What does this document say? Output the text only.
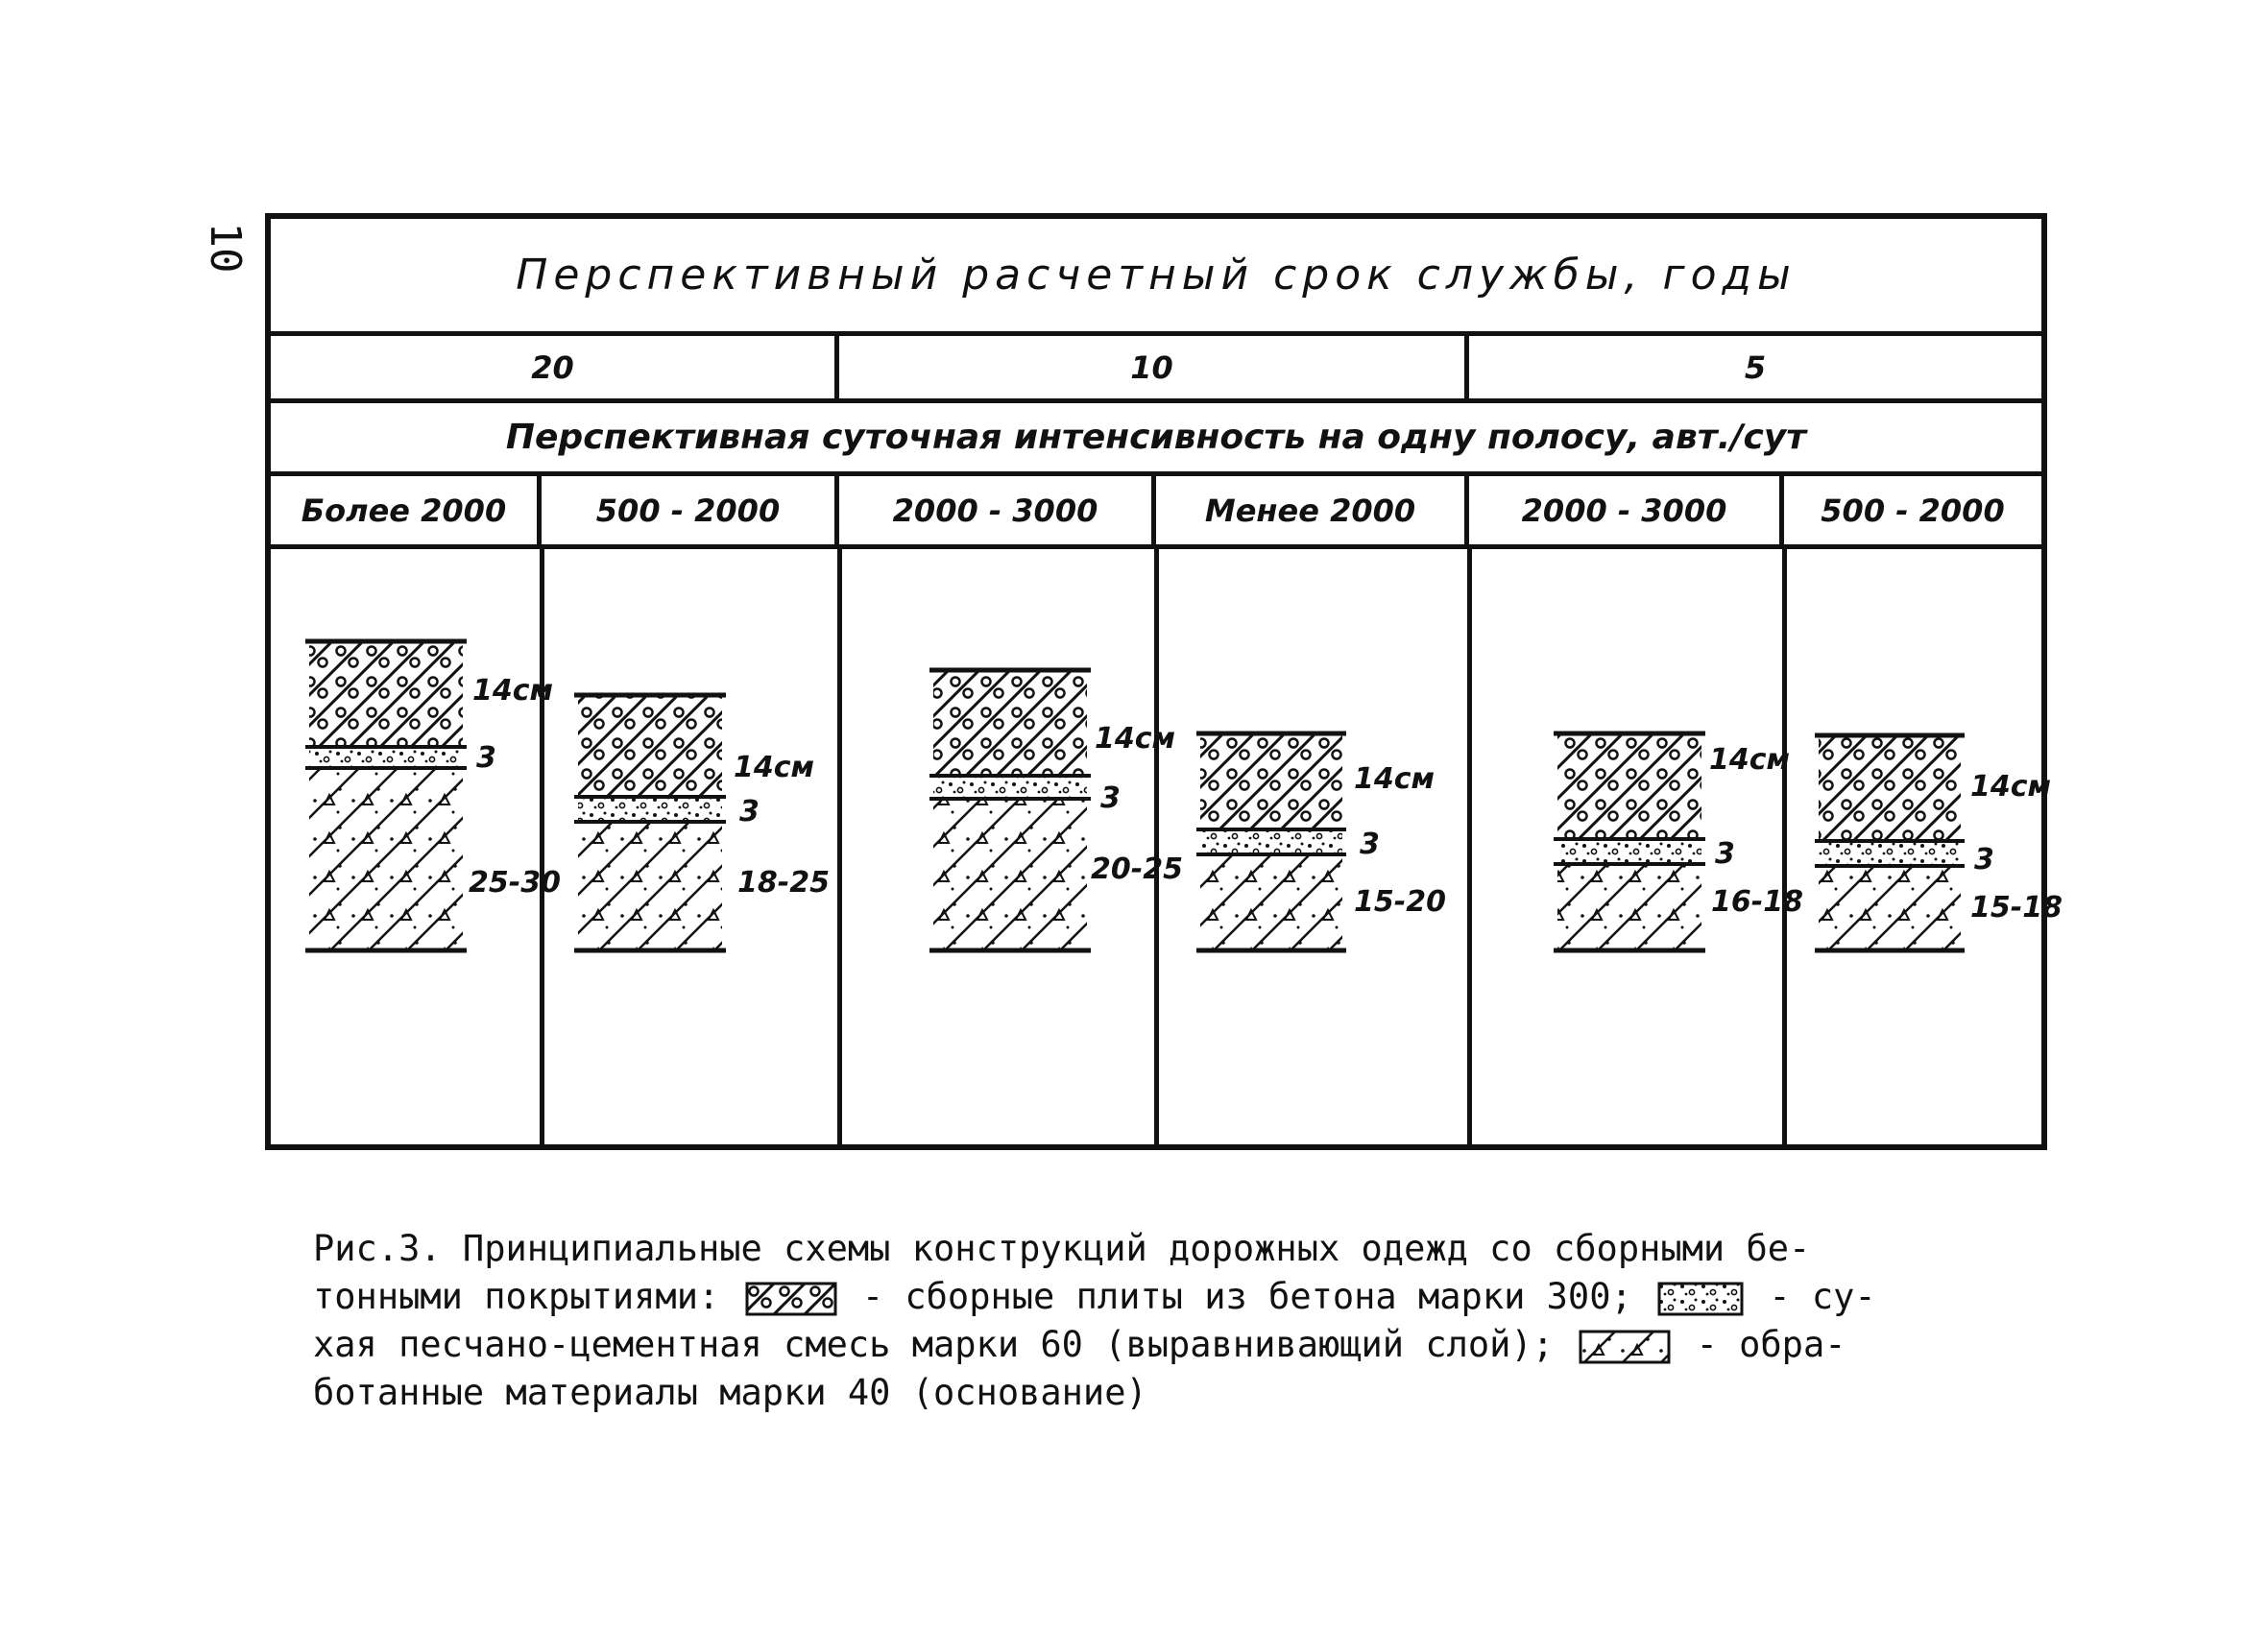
10
Перспективный расчетный срок службы, годы
20	10	5
Перспективная суточная интенсивность на одну полосу, авт./сут
Более 2000	500 - 2000	2000 - 3000	Менее 2000	2000 - 3000	500 - 2000
14см
3
25-30
14см
3
18-25
14см
3
20-25
14см
3
15-20
14см
3
16-18
14см
3
15-18
Рис.3. Принципиальные схемы конструкций дорожных одежд со сборными бе-
тонными покрытиями:	- сборные плиты из бетона марки 300;	- су-
хая песчано-цементная смесь марки 60 (выравнивающий слой);	- обра-
ботанные материалы марки 40 (основание)
